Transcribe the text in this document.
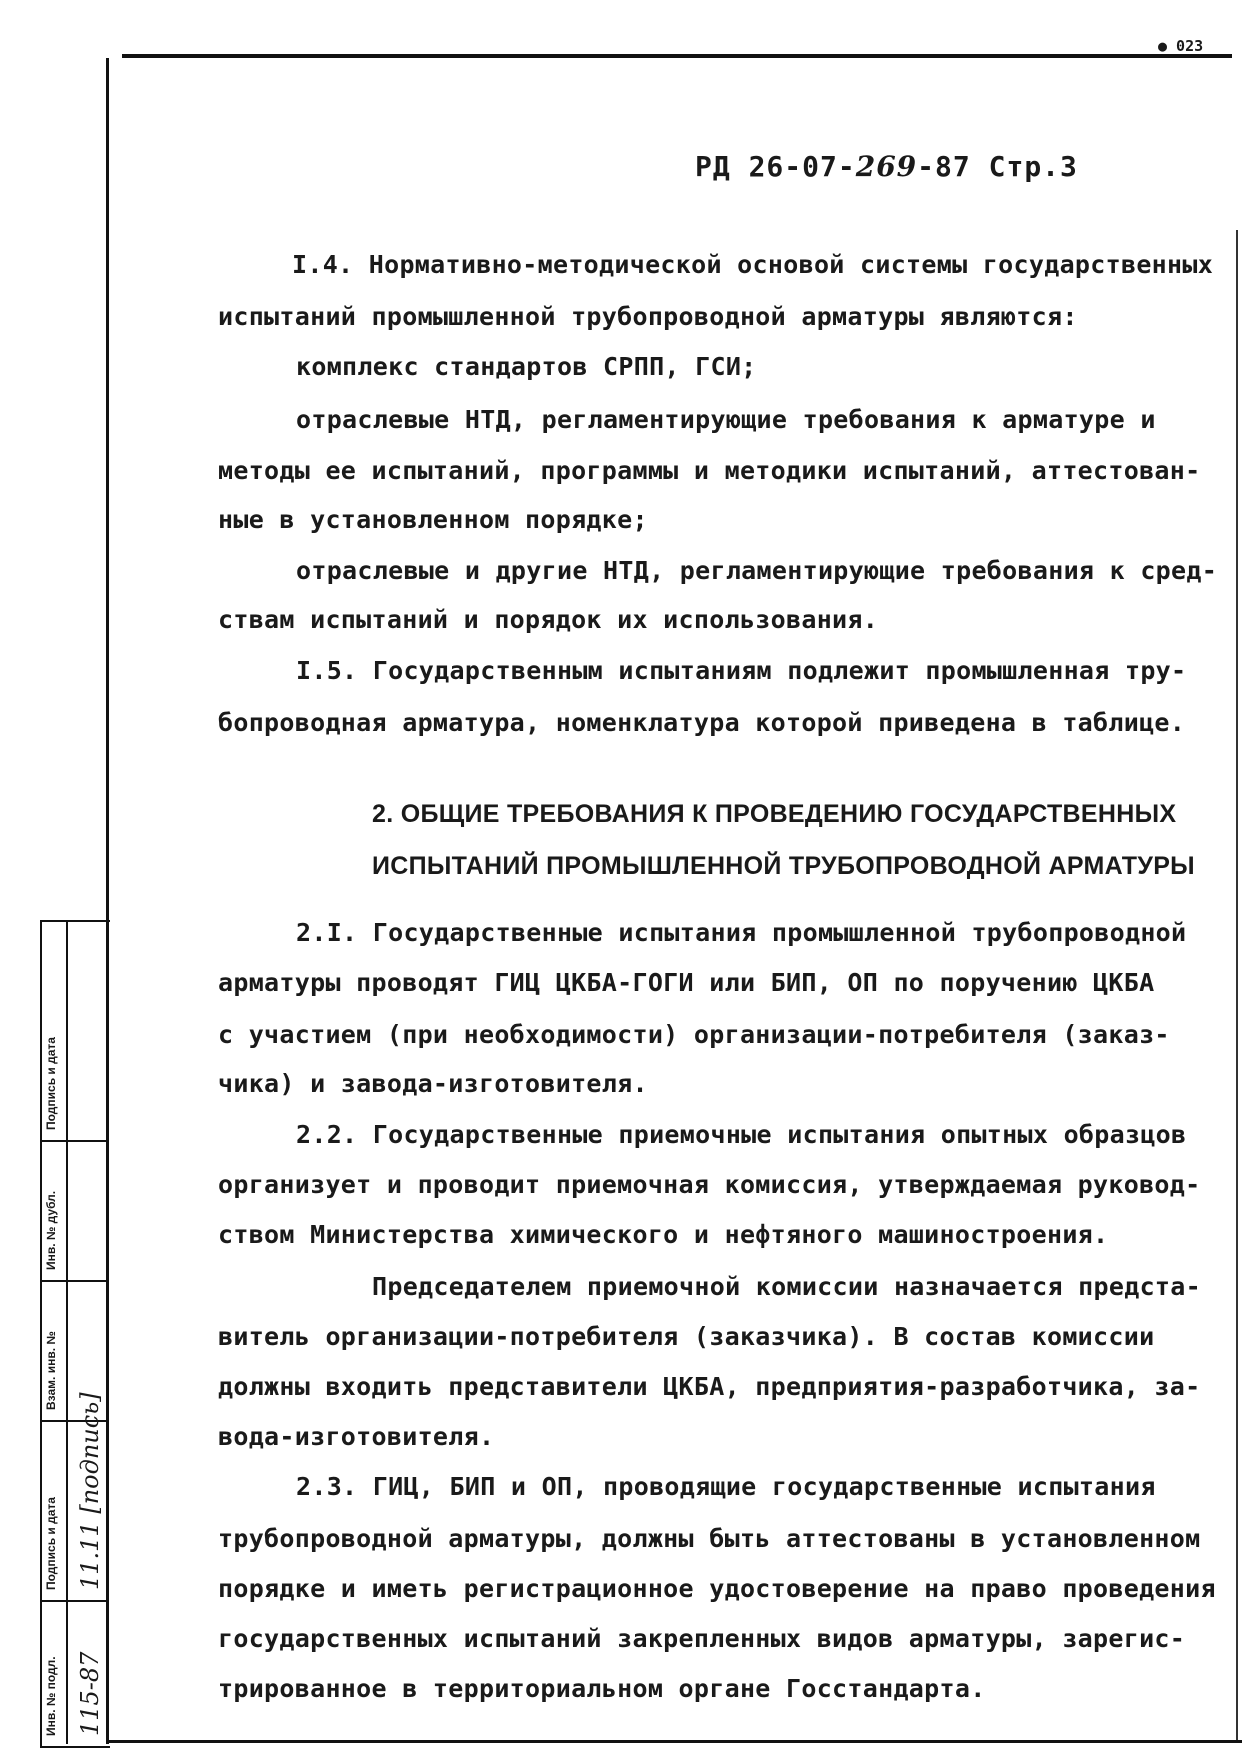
● 023
РД 26-07-269-87 Стр.3
I.4. Нормативно-методической основой системы государственных
испытаний промышленной трубопроводной арматуры являются:
комплекс стандартов СРПП, ГСИ;
отраслевые НТД, регламентирующие требования к арматуре и
методы ее испытаний, программы и методики испытаний, аттестован-
ные в установленном порядке;
отраслевые и другие НТД, регламентирующие требования к сред-
ствам испытаний и порядок их использования.
I.5. Государственным испытаниям подлежит промышленная тру-
бопроводная арматура, номенклатура которой приведена в таблице.
2. ОБЩИЕ ТРЕБОВАНИЯ К ПРОВЕДЕНИЮ ГОСУДАРСТВЕННЫХ
ИСПЫТАНИЙ ПРОМЫШЛЕННОЙ ТРУБОПРОВОДНОЙ АРМАТУРЫ
2.I. Государственные испытания промышленной трубопроводной
арматуры проводят ГИЦ ЦКБА-ГОГИ или БИП, ОП по поручению ЦКБА
с участием (при необходимости) организации-потребителя (заказ-
чика) и завода-изготовителя.
2.2. Государственные приемочные испытания опытных образцов
организует и проводит приемочная комиссия, утверждаемая руковод-
ством Министерства химического и нефтяного машиностроения.
Председателем приемочной комиссии назначается предста-
витель организации-потребителя (заказчика). В состав комиссии
должны входить представители ЦКБА, предприятия-разработчика, за-
вода-изготовителя.
2.3. ГИЦ, БИП и ОП, проводящие государственные испытания
трубопроводной арматуры, должны быть аттестованы в установленном
порядке и иметь регистрационное удостоверение на право проведения
государственных испытаний закрепленных видов арматуры, зарегис-
трированное в территориальном органе Госстандарта.
Подпись и дата
Инв. № дубл.
Взам. инв. №
Подпись и дата
Инв. № подл.
11.11 [подпись]
115-87
